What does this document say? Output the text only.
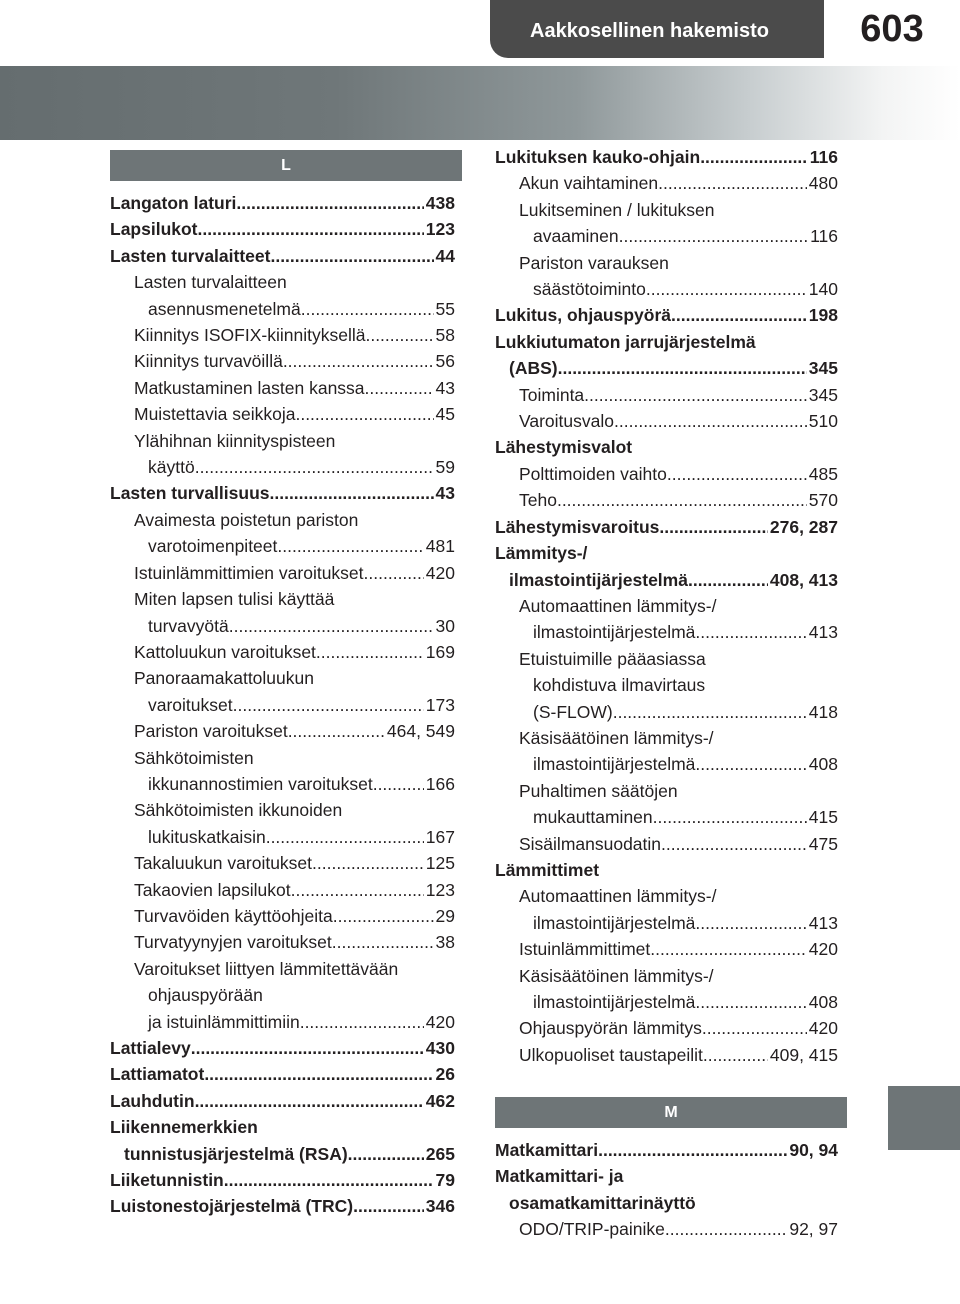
Aakkosellinen hakemisto	603
L
Langaton laturi .....	438
Lapsilukot .....	123
Lasten turvalaitteet .....	44
Lasten turvalaitteen
asennusmenetelmä .....	55
Kiinnitys ISOFIX-kiinnityksellä .....	58
Kiinnitys turvavöillä .....	56
Matkustaminen lasten kanssa .....	43
Muistettavia seikkoja .....	45
Ylähihnan kiinnityspisteen
käyttö .....	59
Lasten turvallisuus .....	43
Avaimesta poistetun pariston
varotoimenpiteet .....	481
Istuinlämmittimien varoitukset .....	420
Miten lapsen tulisi käyttää
turvavyötä .....	30
Kattoluukun varoitukset .....	169
Panoraamakattoluukun
varoitukset .....	173
Pariston varoitukset .....	464, 549
Sähkötoimisten
ikkunannostimien varoitukset .....	166
Sähkötoimisten ikkunoiden
lukituskatkaisin .....	167
Takaluukun varoitukset .....	125
Takaovien lapsilukot .....	123
Turvavöiden käyttöohjeita .....	29
Turvatyynyjen varoitukset .....	38
Varoitukset liittyen lämmitettävään
ohjauspyörään
ja istuinlämmittimiin .....	420
Lattialevy .....	430
Lattiamatot .....	26
Lauhdutin .....	462
Liikennemerkkien
tunnistusjärjestelmä (RSA) .....	265
Liiketunnistin .....	79
Luistonestojärjestelmä (TRC) .....	346
Lukituksen kauko-ohjain .....	116
Akun vaihtaminen .....	480
Lukitseminen / lukituksen
avaaminen .....	116
Pariston varauksen
säästötoiminto .....	140
Lukitus, ohjauspyörä .....	198
Lukkiutumaton jarrujärjestelmä
(ABS) .....	345
Toiminta .....	345
Varoitusvalo .....	510
Lähestymisvalot
Polttimoiden vaihto .....	485
Teho .....	570
Lähestymisvaroitus .....	276, 287
Lämmitys-/
ilmastointijärjestelmä .....	408, 413
Automaattinen lämmitys-/
ilmastointijärjestelmä .....	413
Etuistuimille pääasiassa
kohdistuva ilmavirtaus
(S-FLOW) .....	418
Käsisäätöinen lämmitys-/
ilmastointijärjestelmä .....	408
Puhaltimen säätöjen
mukauttaminen .....	415
Sisäilmansuodatin .....	475
Lämmittimet
Automaattinen lämmitys-/
ilmastointijärjestelmä .....	413
Istuinlämmittimet .....	420
Käsisäätöinen lämmitys-/
ilmastointijärjestelmä .....	408
Ohjauspyörän lämmitys .....	420
Ulkopuoliset taustapeilit .....	409, 415
M
Matkamittari .....	90, 94
Matkamittari- ja
osamatkamittarinäyttö
ODO/TRIP-painike .....	92, 97
